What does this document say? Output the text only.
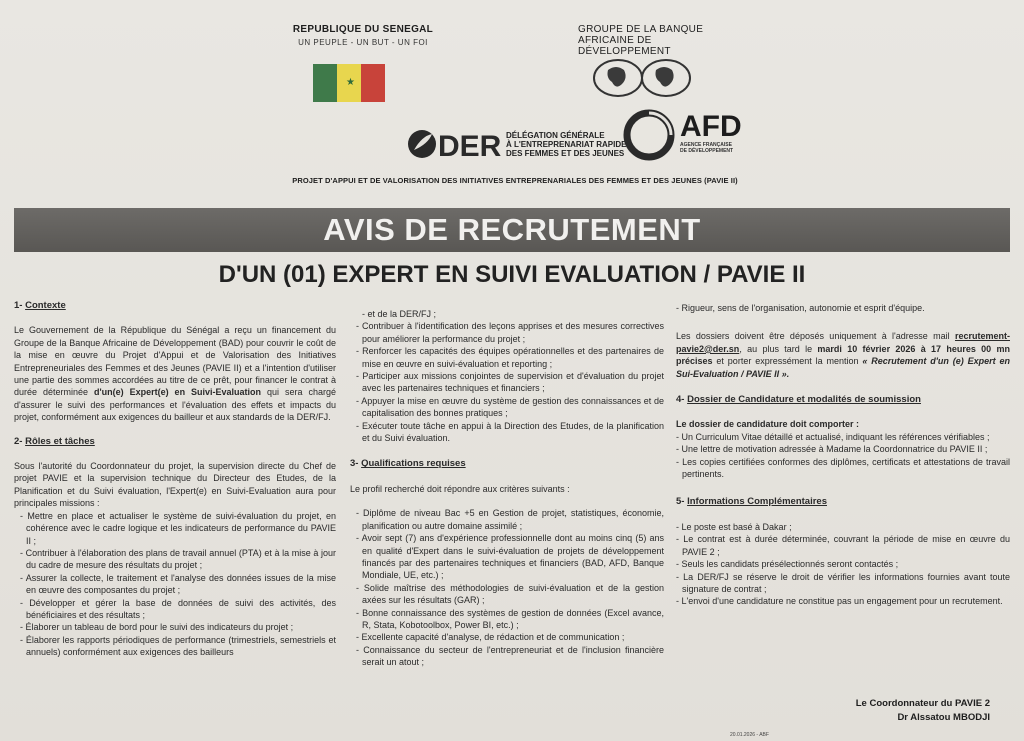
REPUBLIQUE DU SENEGAL
UN PEUPLE - UN BUT - UN FOI
★
GROUPE DE LA BANQUE
AFRICAINE DE DÉVELOPPEMENT
DER DÉLÉGATION GÉNÉRALE
À L'ENTREPRENARIAT RAPIDE
DES FEMMES ET DES JEUNES
AFD
AGENCE FRANÇAISE
DE DÉVELOPPEMENT
PROJET D'APPUI ET DE VALORISATION DES INITIATIVES ENTREPRENARIALES DES FEMMES ET DES JEUNES (PAVIE II)
AVIS DE RECRUTEMENT
D'UN (01) EXPERT EN SUIVI EVALUATION / PAVIE II

1- Contexte

Le Gouvernement de la République du Sénégal a reçu un financement du Groupe de la Banque Africaine de Développement (BAD) pour couvrir le coût de la mise en œuvre du Projet d'Appui et de Valorisation des Initiatives Entrepreneuriales des Femmes et des Jeunes (PAVIE II) et a l'intention d'utiliser une partie des sommes accordées au titre de ce prêt, pour financer le contrat à durée déterminée d'un(e) Expert(e) en Suivi-Evaluation qui sera chargé d'assurer le suivi des performances et l'évaluation des effets et impacts du projet, conformément aux exigences du bailleur et aux standards de la DER/FJ.

2- Rôles et tâches

Sous l'autorité du Coordonnateur du projet, la supervision directe du Chef de projet PAVIE et la supervision technique du Directeur des Etudes, de la Planification et du Suivi évaluation, l'Expert(e) en Suivi-Evaluation aura pour principales missions :

- Mettre en place et actualiser le système de suivi-évaluation du projet, en cohérence avec le cadre logique et les indicateurs de performance du PAVIE II ;

- Contribuer à l'élaboration des plans de travail annuel (PTA) et à la mise à jour du cadre de mesure des résultats du projet ;

- Assurer la collecte, le traitement et l'analyse des données issues de la mise en œuvre des composantes du projet ;

- Développer et gérer la base de données de suivi des activités, des bénéficiaires et des résultats ;

- Élaborer un tableau de bord pour le suivi des indicateurs du projet ;

- Élaborer les rapports périodiques de performance (trimestriels, semestriels et annuels) conformément aux exigences des bailleurs

- et de la DER/FJ ;

- Contribuer à l'identification des leçons apprises et des mesures correctives pour améliorer la performance du projet ;

- Renforcer les capacités des équipes opérationnelles et des partenaires de mise en œuvre en suivi-évaluation et reporting ;

- Participer aux missions conjointes de supervision et d'évaluation du projet avec les partenaires techniques et financiers ;

- Appuyer la mise en œuvre du système de gestion des connaissances et de capitalisation des bonnes pratiques ;

- Exécuter toute tâche en appui à la Direction des Etudes, de la planification et du Suivi évaluation.

3- Qualifications requises

Le profil recherché doit répondre aux critères suivants :

- Diplôme de niveau Bac +5 en Gestion de projet, statistiques, économie, planification ou autre domaine assimilé ;

- Avoir sept (7) ans d'expérience professionnelle dont au moins cinq (5) ans en qualité d'Expert dans le suivi-évaluation de projets de développement financés par des partenaires techniques et financiers (BAD, AFD, Banque Mondiale, UE, etc.) ;

- Solide maîtrise des méthodologies de suivi-évaluation et de la gestion axées sur les résultats (GAR) ;

- Bonne connaissance des systèmes de gestion de données (Excel avance, R, Stata, Kobotoolbox, Power BI, etc.) ;

- Excellente capacité d'analyse, de rédaction et de communication ;

- Connaissance du secteur de l'entrepreneuriat et de l'inclusion financière serait un atout ;

- Rigueur, sens de l'organisation, autonomie et esprit d'équipe.

Les dossiers doivent être déposés uniquement à l'adresse mail recrutement-pavie2@der.sn, au plus tard le mardi 10 février 2026 à 17 heures 00 mn précises et porter expressément la mention « Recrutement d'un (e) Expert en Sui-Evaluation / PAVIE II ».

4- Dossier de Candidature et modalités de soumission

Le dossier de candidature doit comporter :

- Un Curriculum Vitae détaillé et actualisé, indiquant les références vérifiables ;

- Une lettre de motivation adressée à Madame la Coordonnatrice du PAVIE II ;

- Les copies certifiées conformes des diplômes, certificats et attestations de travail pertinents.

5- Informations Complémentaires

- Le poste est basé à Dakar ;

- Le contrat est à durée déterminée, couvrant la période de mise en œuvre du PAVIE 2 ;

- Seuls les candidats présélectionnés seront contactés ;

- La DER/FJ se réserve le droit de vérifier les informations fournies avant toute signature de contrat ;

- L'envoi d'une candidature ne constitue pas un engagement pour un recrutement.

Le Coordonnateur du PAVIE 2
Dr Alssatou MBODJI
20.01.2026 - ABF
